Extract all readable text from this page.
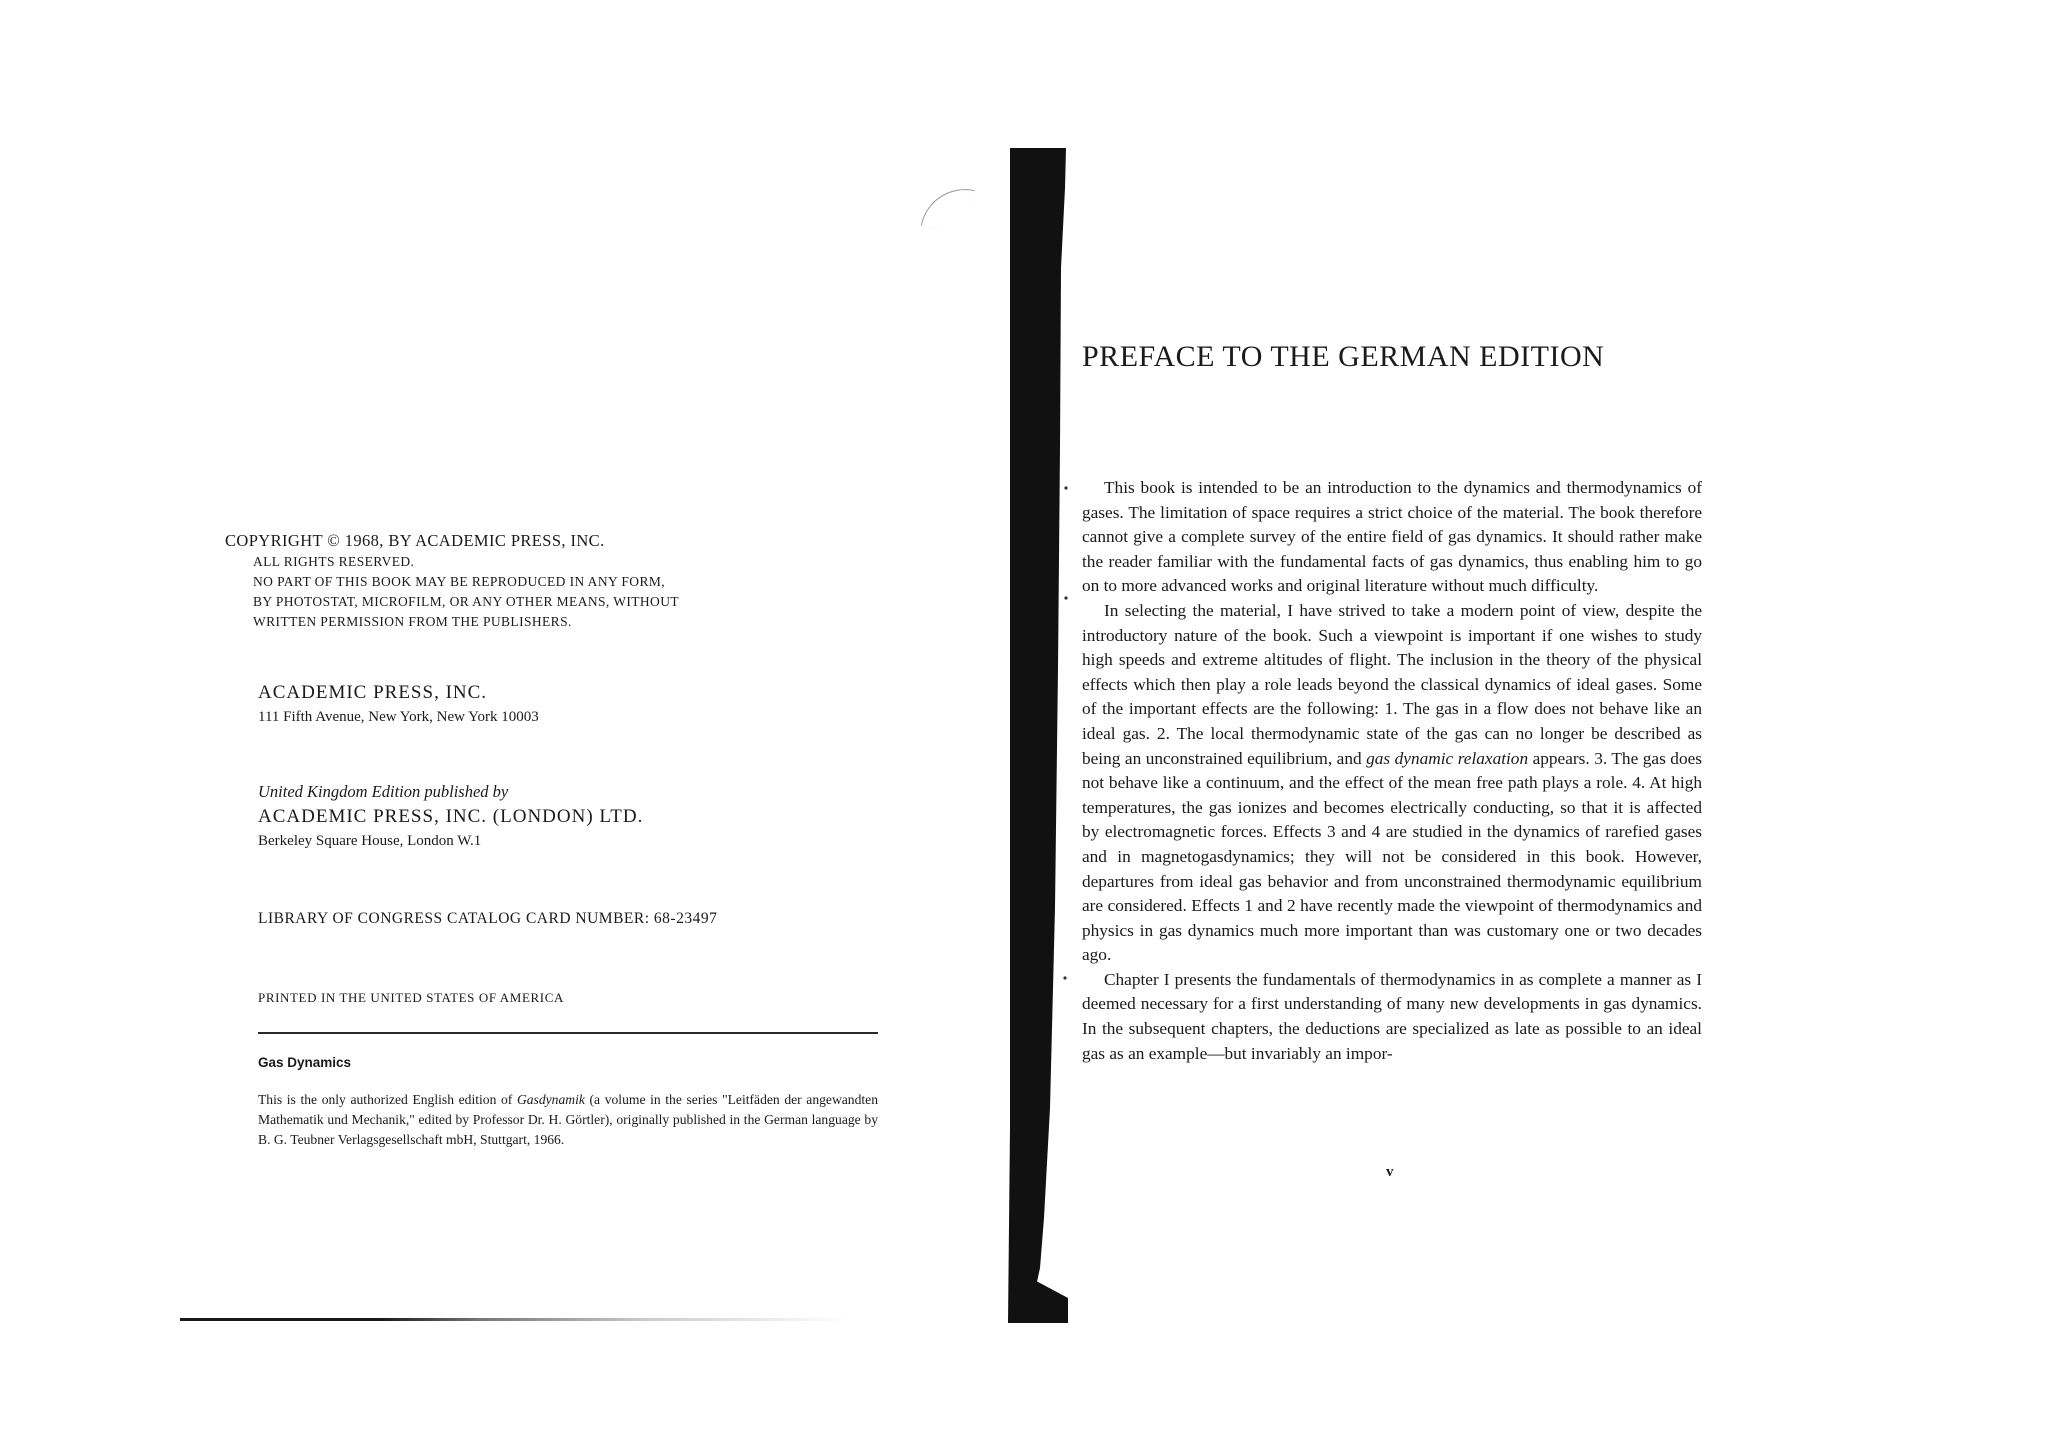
COPYRIGHT © 1968, BY ACADEMIC PRESS, INC.
ALL RIGHTS RESERVED.
NO PART OF THIS BOOK MAY BE REPRODUCED IN ANY FORM,
BY PHOTOSTAT, MICROFILM, OR ANY OTHER MEANS, WITHOUT
WRITTEN PERMISSION FROM THE PUBLISHERS.
ACADEMIC PRESS, INC.
111 Fifth Avenue, New York, New York 10003
United Kingdom Edition published by
ACADEMIC PRESS, INC. (LONDON) LTD.
Berkeley Square House, London W.1
LIBRARY OF CONGRESS CATALOG CARD NUMBER: 68-23497
PRINTED IN THE UNITED STATES OF AMERICA
Gas Dynamics
This is the only authorized English edition of Gasdynamik (a volume in the series "Leitfäden der angewandten Mathematik und Mechanik," edited by Professor Dr. H. Görtler), originally published in the German language by B. G. Teubner Verlagsgesellschaft mbH, Stuttgart, 1966.
PREFACE TO THE GERMAN EDITION

This book is intended to be an introduction to the dynamics and thermodynamics of gases. The limitation of space requires a strict choice of the material. The book therefore cannot give a complete survey of the entire field of gas dynamics. It should rather make the reader familiar with the fundamental facts of gas dynamics, thus enabling him to go on to more advanced works and original literature without much difficulty.

In selecting the material, I have strived to take a modern point of view, despite the introductory nature of the book. Such a viewpoint is important if one wishes to study high speeds and extreme altitudes of flight. The inclusion in the theory of the physical effects which then play a role leads beyond the classical dynamics of ideal gases. Some of the important effects are the following: 1. The gas in a flow does not behave like an ideal gas. 2. The local thermodynamic state of the gas can no longer be described as being an unconstrained equilibrium, and gas dynamic relaxation appears. 3. The gas does not behave like a continuum, and the effect of the mean free path plays a role. 4. At high temperatures, the gas ionizes and becomes electrically conducting, so that it is affected by electromagnetic forces. Effects 3 and 4 are studied in the dynamics of rarefied gases and in magnetogasdynamics; they will not be considered in this book. However, departures from ideal gas behavior and from unconstrained thermodynamic equilibrium are considered. Effects 1 and 2 have recently made the viewpoint of thermodynamics and physics in gas dynamics much more important than was customary one or two decades ago.

Chapter I presents the fundamentals of thermodynamics in as complete a manner as I deemed necessary for a first understanding of many new developments in gas dynamics. In the subsequent chapters, the deductions are specialized as late as possible to an ideal gas as an example—but invariably an impor-

v
